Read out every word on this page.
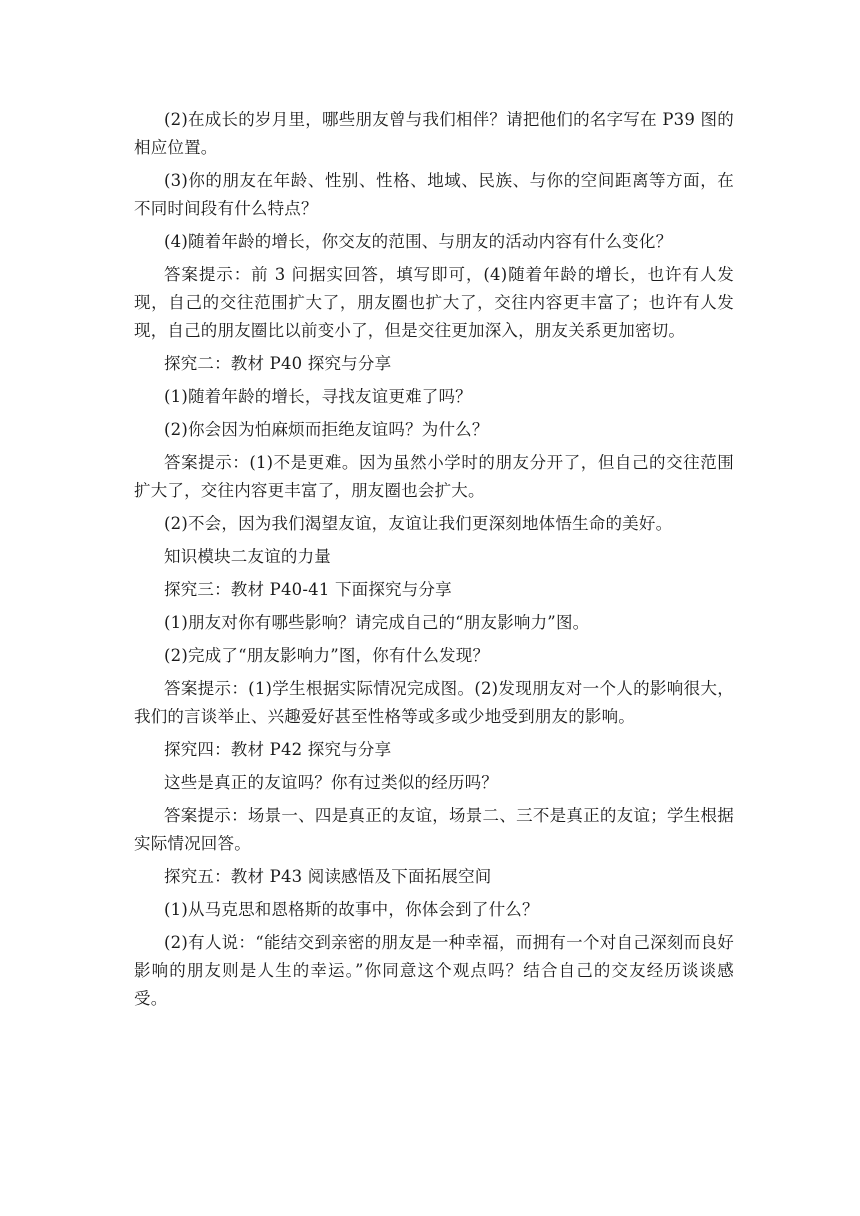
(2)在成长的岁月里，哪些朋友曾与我们相伴？请把他们的名字写在 P39 图的相应位置。

(3)你的朋友在年龄、性别、性格、地域、民族、与你的空间距离等方面，在不同时间段有什么特点？

(4)随着年龄的增长，你交友的范围、与朋友的活动内容有什么变化？

答案提示：前 3 问据实回答，填写即可，(4)随着年龄的增长，也许有人发现，自己的交往范围扩大了，朋友圈也扩大了，交往内容更丰富了；也许有人发现，自己的朋友圈比以前变小了，但是交往更加深入，朋友关系更加密切。

探究二：教材 P40 探究与分享

(1)随着年龄的增长，寻找友谊更难了吗？

(2)你会因为怕麻烦而拒绝友谊吗？为什么？

答案提示：(1)不是更难。因为虽然小学时的朋友分开了，但自己的交往范围扩大了，交往内容更丰富了，朋友圈也会扩大。

(2)不会，因为我们渴望友谊，友谊让我们更深刻地体悟生命的美好。

知识模块二友谊的力量

探究三：教材 P40-41 下面探究与分享

(1)朋友对你有哪些影响？请完成自己的“朋友影响力”图。

(2)完成了“朋友影响力”图，你有什么发现？

答案提示：(1)学生根据实际情况完成图。(2)发现朋友对一个人的影响很大，我们的言谈举止、兴趣爱好甚至性格等或多或少地受到朋友的影响。

探究四：教材 P42 探究与分享

这些是真正的友谊吗？你有过类似的经历吗？

答案提示：场景一、四是真正的友谊，场景二、三不是真正的友谊；学生根据实际情况回答。

探究五：教材 P43 阅读感悟及下面拓展空间

(1)从马克思和恩格斯的故事中，你体会到了什么？

(2)有人说：“能结交到亲密的朋友是一种幸福，而拥有一个对自己深刻而良好影响的朋友则是人生的幸运。”你同意这个观点吗？结合自己的交友经历谈谈感受。
